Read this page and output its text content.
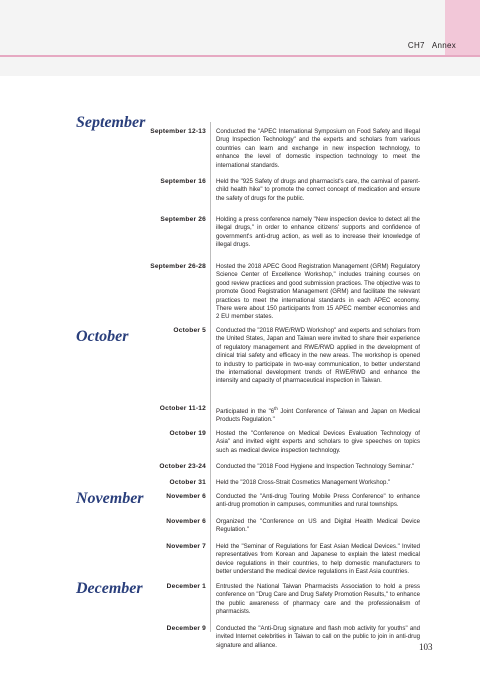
CH7 Annex
September
October
November
December
September 12-13 Conducted the "APEC International Symposium on Food Safety and Illegal Drug Inspection Technology" and the experts and scholars from various countries can learn and exchange in new inspection technology, to enhance the level of domestic inspection technology to meet the international standards.
September 16 Held the "925 Safety of drugs and pharmacist's care, the carnival of parent-child health hike" to promote the correct concept of medication and ensure the safety of drugs for the public.
September 26 Holding a press conference namely "New inspection device to detect all the illegal drugs," in order to enhance citizens' supports and confidence of government's anti-drug action, as well as to increase their knowledge of illegal drugs.
September 26-28 Hosted the 2018 APEC Good Registration Management (GRM) Regulatory Science Center of Excellence Workshop," includes training courses on good review practices and good submission practices. The objective was to promote Good Registration Management (GRM) and facilitate the relevant practices to meet the international standards in each APEC economy. There were about 150 participants from 15 APEC member economies and 2 EU member states.
October 5 Conducted the "2018 RWE/RWD Workshop" and experts and scholars from the United States, Japan and Taiwan were invited to share their experience of regulatory management and RWE/RWD applied in the development of clinical trial safety and efficacy in the new areas. The workshop is opened to industry to participate in two-way communication, to better understand the international development trends of RWE/RWD and enhance the intensity and capacity of pharmaceutical inspection in Taiwan.
October 11-12 Participated in the "6th Joint Conference of Taiwan and Japan on Medical Products Regulation."
October 19 Hosted the "Conference on Medical Devices Evaluation Technology of Asia" and invited eight experts and scholars to give speeches on topics such as medical device inspection technology.
October 23-24 Conducted the "2018 Food Hygiene and Inspection Technology Seminar."
October 31 Held the "2018 Cross-Strait Cosmetics Management Workshop."
November 6 Conducted the "Anti-drug Touring Mobile Press Conference" to enhance anti-drug promotion in campuses, communities and rural townships.
November 6 Organized the "Conference on US and Digital Health Medical Device Regulation."
November 7 Held the "Seminar of Regulations for East Asian Medical Devices." Invited representatives from Korean and Japanese to explain the latest medical device regulations in their countries, to help domestic manufacturers to better understand the medical device regulations in East Asia countries.
December 1 Entrusted the National Taiwan Pharmacists Association to hold a press conference on "Drug Care and Drug Safety Promotion Results," to enhance the public awareness of pharmacy care and the professionalism of pharmacists.
December 9 Conducted the "Anti-Drug signature and flash mob activity for youths" and invited Internet celebrities in Taiwan to call on the public to join in anti-drug signature and alliance.	103
